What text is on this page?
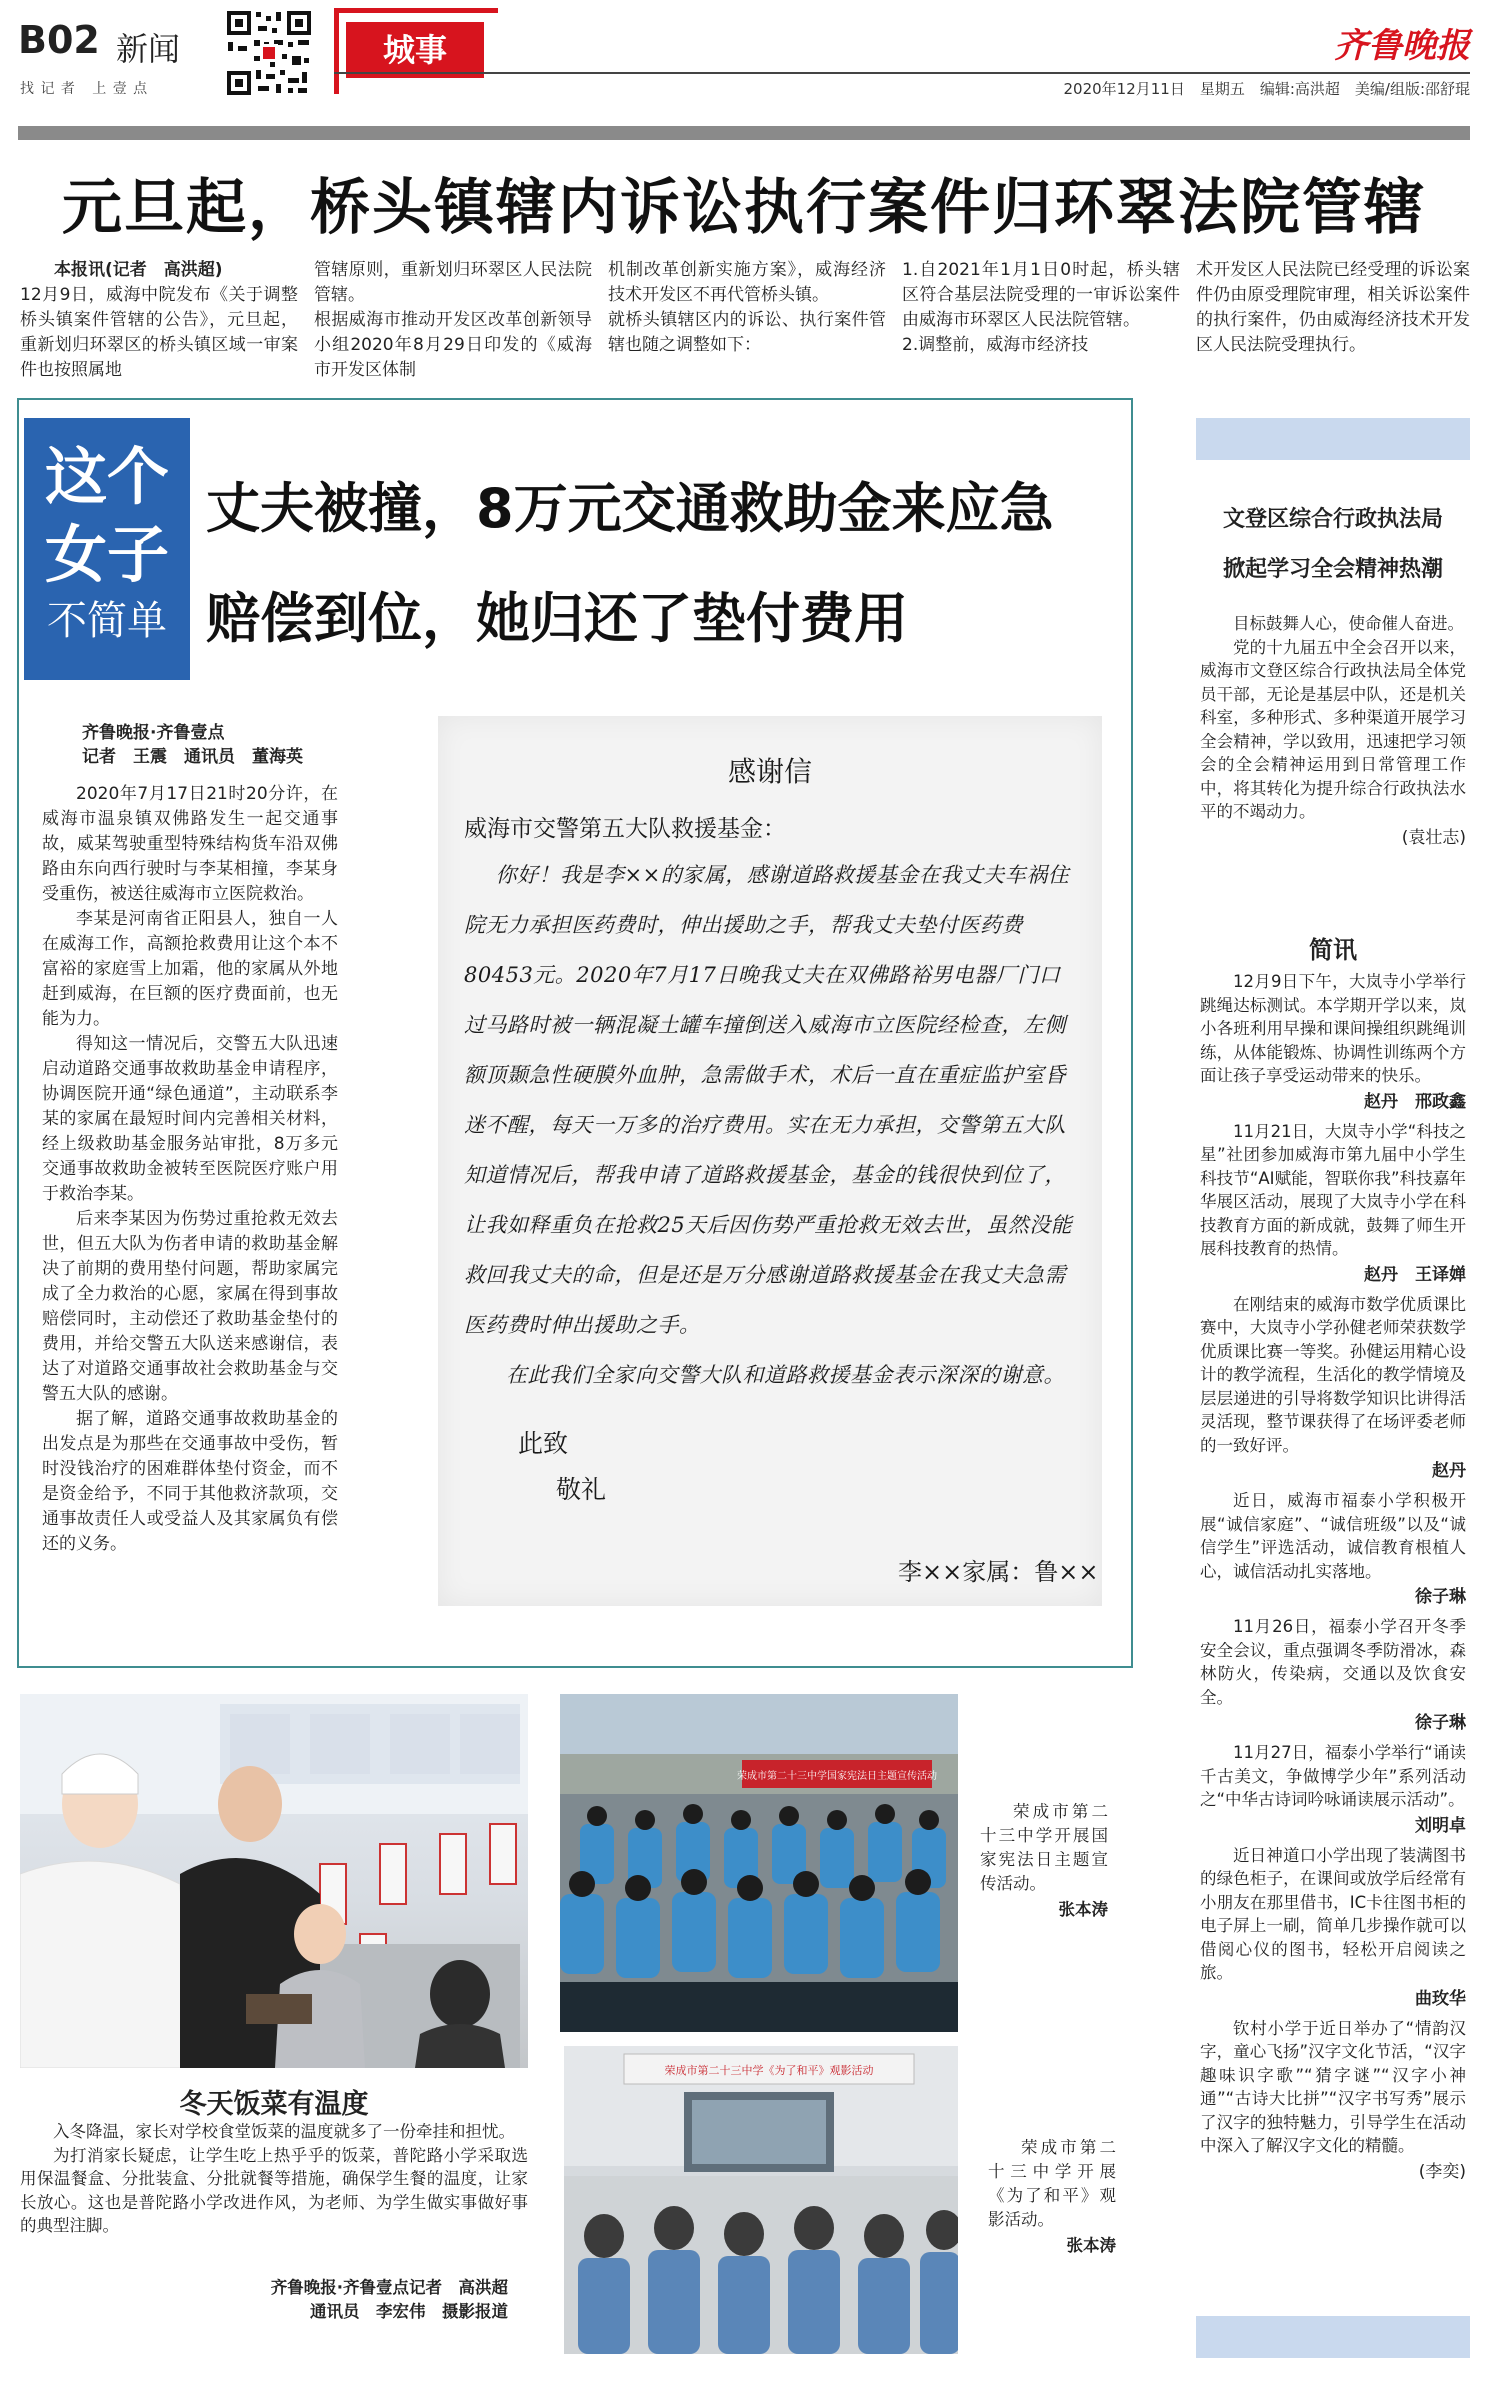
B02 新闻
找 记 者   上 壹 点
城事	齐鲁晚报
2020年12月11日　星期五　编辑:高洪超　美编/组版:邵舒琨
元旦起，桥头镇辖内诉讼执行案件归环翠法院管辖
本报讯(记者　高洪超)
12月9日，威海中院发布《关于调整桥头镇案件管辖的公告》，元旦起，重新划归环翠区的桥头镇区域一审案件也按照属地
管辖原则，重新划归环翠区人民法院管辖。
根据威海市推动开发区改革创新领导小组2020年8月29日印发的《威海市开发区体制
机制改革创新实施方案》，威海经济技术开发区不再代管桥头镇。
就桥头镇辖区内的诉讼、执行案件管辖也随之调整如下：
1.自2021年1月1日0时起，桥头辖区符合基层法院受理的一审诉讼案件由威海市环翠区人民法院管辖。
2.调整前，威海市经济技
术开发区人民法院已经受理的诉讼案件仍由原受理院审理，相关诉讼案件的执行案件，仍由威海经济技术开发区人民法院受理执行。
这个
女子
不简单
丈夫被撞，8万元交通救助金来应急
赔偿到位，她归还了垫付费用
齐鲁晚报·齐鲁壹点
记者　王震　通讯员　董海英

2020年7月17日21时20分许，在威海市温泉镇双佛路发生一起交通事故，威某驾驶重型特殊结构货车沿双佛路由东向西行驶时与李某相撞，李某身受重伤，被送往威海市立医院救治。

李某是河南省正阳县人，独自一人在威海工作，高额抢救费用让这个本不富裕的家庭雪上加霜，他的家属从外地赶到威海，在巨额的医疗费面前，也无能为力。

得知这一情况后，交警五大队迅速启动道路交通事故救助基金申请程序，协调医院开通“绿色通道”，主动联系李某的家属在最短时间内完善相关材料，经上级救助基金服务站审批，8万多元交通事故救助金被转至医院医疗账户用于救治李某。

后来李某因为伤势过重抢救无效去世，但五大队为伤者申请的救助基金解决了前期的费用垫付问题，帮助家属完成了全力救治的心愿，家属在得到事故赔偿同时，主动偿还了救助基金垫付的费用，并给交警五大队送来感谢信，表达了对道路交通事故社会救助基金与交警五大队的感谢。

据了解，道路交通事故救助基金的出发点是为那些在交通事故中受伤，暂时没钱治疗的困难群体垫付资金，而不是资金给予，不同于其他救济款项，交通事故责任人或受益人及其家属负有偿还的义务。

感谢信
威海市交警第五大队救援基金：
你好！我是李××的家属，感谢道路救援基金在我丈夫车祸住院无力承担医药费时，伸出援助之手，帮我丈夫垫付医药费80453元。2020年7月17日晚我丈夫在双佛路裕男电器厂门口过马路时被一辆混凝土罐车撞倒送入威海市立医院经检查，左侧额顶颞急性硬膜外血肿，急需做手术，术后一直在重症监护室昏迷不醒，每天一万多的治疗费用。实在无力承担，交警第五大队知道情况后，帮我申请了道路救援基金，基金的钱很快到位了，让我如释重负在抢救25天后因伤势严重抢救无效去世，虽然没能救回我丈夫的命，但是还是万分感谢道路救援基金在我丈夫急需医药费时伸出援助之手。
在此我们全家向交警大队和道路救援基金表示深深的谢意。
此致
敬礼
李××家属：鲁××
文登区综合行政执法局
掀起学习全会精神热潮

目标鼓舞人心，使命催人奋进。

党的十九届五中全会召开以来，威海市文登区综合行政执法局全体党员干部，无论是基层中队，还是机关科室，多种形式、多种渠道开展学习全会精神，学以致用，迅速把学习领会的全会精神运用到日常管理工作中，将其转化为提升综合行政执法水平的不竭动力。

(袁壮志)
简讯

12月9日下午，大岚寺小学举行跳绳达标测试。本学期开学以来，岚小各班利用早操和课间操组织跳绳训练，从体能锻炼、协调性训练两个方面让孩子享受运动带来的快乐。

赵丹　邢政鑫

11月21日，大岚寺小学“科技之星”社团参加威海市第九届中小学生科技节“AI赋能，智联你我”科技嘉年华展区活动，展现了大岚寺小学在科技教育方面的新成就，鼓舞了师生开展科技教育的热情。

赵丹　王译婵

在刚结束的威海市数学优质课比赛中，大岚寺小学孙健老师荣获数学优质课比赛一等奖。孙健运用精心设计的教学流程，生活化的教学情境及层层递进的引导将数学知识比讲得活灵活现，整节课获得了在场评委老师的一致好评。

赵丹

近日，威海市福泰小学积极开展“诚信家庭”、“诚信班级”以及“诚信学生”评选活动，诚信教育根植人心，诚信活动扎实落地。

徐子琳

11月26日，福泰小学召开冬季安全会议，重点强调冬季防滑冰，森林防火，传染病，交通以及饮食安全。

徐子琳

11月27日，福泰小学举行“诵读千古美文，争做博学少年”系列活动之“中华古诗词吟咏诵读展示活动”。

刘明卓

近日神道口小学出现了装满图书的绿色柜子，在课间或放学后经常有小朋友在那里借书，IC卡往图书柜的电子屏上一刷，简单几步操作就可以借阅心仪的图书，轻松开启阅读之旅。

曲玫华

钦村小学于近日举办了“情韵汉字，童心飞扬”汉字文化节活，“汉字趣味识字歌”“猜字谜”“汉字小神通”“古诗大比拼”“汉字书写秀”展示了汉字的独特魅力，引导学生在活动中深入了解汉字文化的精髓。

(李奕)
冬天饭菜有温度

入冬降温，家长对学校食堂饭菜的温度就多了一份牵挂和担忧。

为打消家长疑虑，让学生吃上热乎乎的饭菜，普陀路小学采取选用保温餐盒、分批装盒、分批就餐等措施，确保学生餐的温度，让家长放心。这也是普陀路小学改进作风，为老师、为学生做实事做好事的典型注脚。

齐鲁晚报·齐鲁壹点记者　高洪超
通讯员　李宏伟　摄影报道
荣成市第二十三中学国家宪法日主题宣传活动
荣成市第二十三中学开展国家宪法日主题宣传活动。
张本涛
荣成市第二十三中学《为了和平》观影活动
荣成市第二十三中学开展《为了和平》观影活动。
张本涛
